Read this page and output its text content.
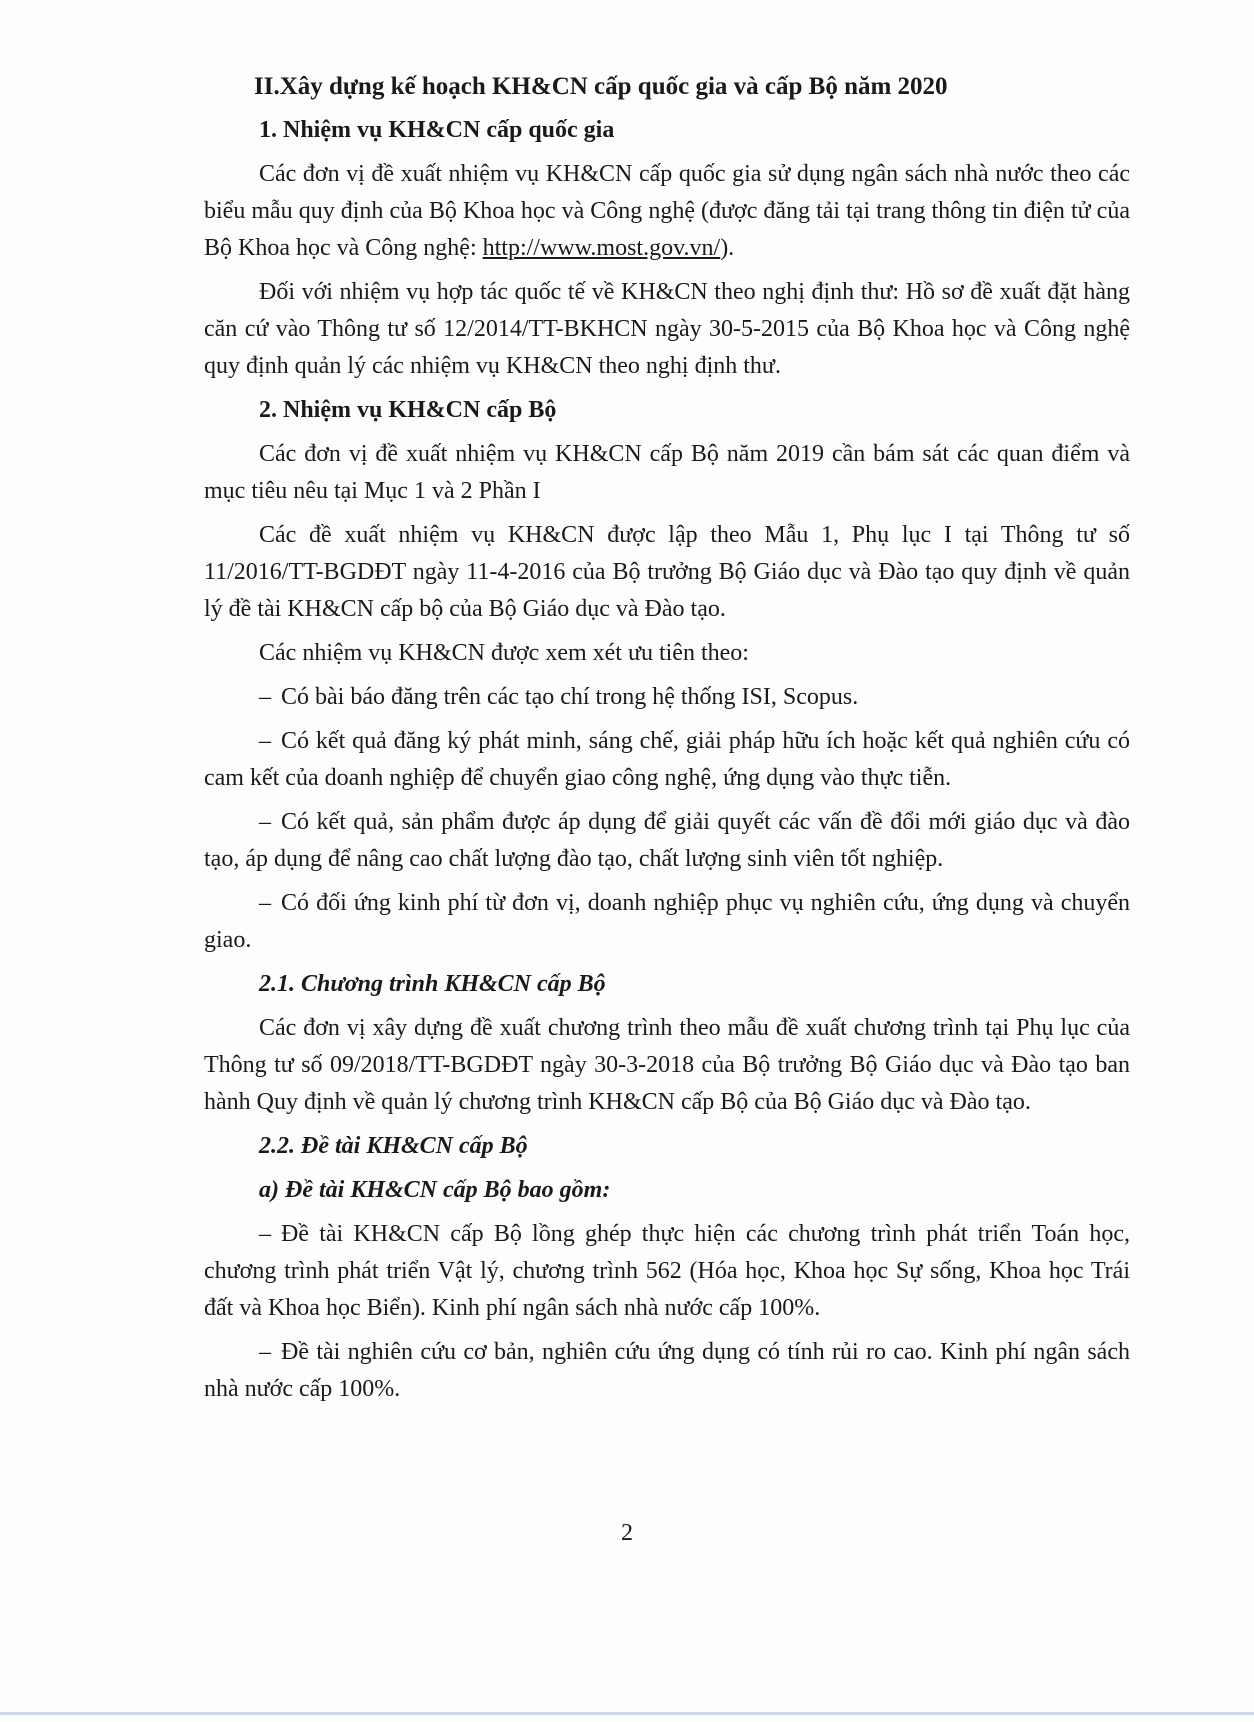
II.Xây dựng kế hoạch KH&CN cấp quốc gia và cấp Bộ năm 2020
1. Nhiệm vụ KH&CN cấp quốc gia

Các đơn vị đề xuất nhiệm vụ KH&CN cấp quốc gia sử dụng ngân sách nhà nước theo các biểu mẫu quy định của Bộ Khoa học và Công nghệ (được đăng tải tại trang thông tin điện tử của Bộ Khoa học và Công nghệ: http://www.most.gov.vn/).

Đối với nhiệm vụ hợp tác quốc tế về KH&CN theo nghị định thư: Hồ sơ đề xuất đặt hàng căn cứ vào Thông tư số 12/2014/TT-BKHCN ngày 30-5-2015 của Bộ Khoa học và Công nghệ quy định quản lý các nhiệm vụ KH&CN theo nghị định thư.

2. Nhiệm vụ KH&CN cấp Bộ

Các đơn vị đề xuất nhiệm vụ KH&CN cấp Bộ năm 2019 cần bám sát các quan điểm và mục tiêu nêu tại Mục 1 và 2 Phần I

Các đề xuất nhiệm vụ KH&CN được lập theo Mẫu 1, Phụ lục I tại Thông tư số 11/2016/TT-BGDĐT ngày 11-4-2016 của Bộ trưởng Bộ Giáo dục và Đào tạo quy định về quản lý đề tài KH&CN cấp bộ của Bộ Giáo dục và Đào tạo.

Các nhiệm vụ KH&CN được xem xét ưu tiên theo:

– Có bài báo đăng trên các tạo chí trong hệ thống ISI, Scopus.

– Có kết quả đăng ký phát minh, sáng chế, giải pháp hữu ích hoặc kết quả nghiên cứu có cam kết của doanh nghiệp để chuyển giao công nghệ, ứng dụng vào thực tiễn.

– Có kết quả, sản phẩm được áp dụng để giải quyết các vấn đề đổi mới giáo dục và đào tạo, áp dụng để nâng cao chất lượng đào tạo, chất lượng sinh viên tốt nghiệp.

– Có đối ứng kinh phí từ đơn vị, doanh nghiệp phục vụ nghiên cứu, ứng dụng và chuyển giao.

2.1. Chương trình KH&CN cấp Bộ

Các đơn vị xây dựng đề xuất chương trình theo mẫu đề xuất chương trình tại Phụ lục của Thông tư số 09/2018/TT-BGDĐT ngày 30-3-2018 của Bộ trưởng Bộ Giáo dục và Đào tạo ban hành Quy định về quản lý chương trình KH&CN cấp Bộ của Bộ Giáo dục và Đào tạo.

2.2. Đề tài KH&CN cấp Bộ
a) Đề tài KH&CN cấp Bộ bao gồm:

– Đề tài KH&CN cấp Bộ lồng ghép thực hiện các chương trình phát triển Toán học, chương trình phát triển Vật lý, chương trình 562 (Hóa học, Khoa học Sự sống, Khoa học Trái đất và Khoa học Biển). Kinh phí ngân sách nhà nước cấp 100%.

– Đề tài nghiên cứu cơ bản, nghiên cứu ứng dụng có tính rủi ro cao. Kinh phí ngân sách nhà nước cấp 100%.

2
